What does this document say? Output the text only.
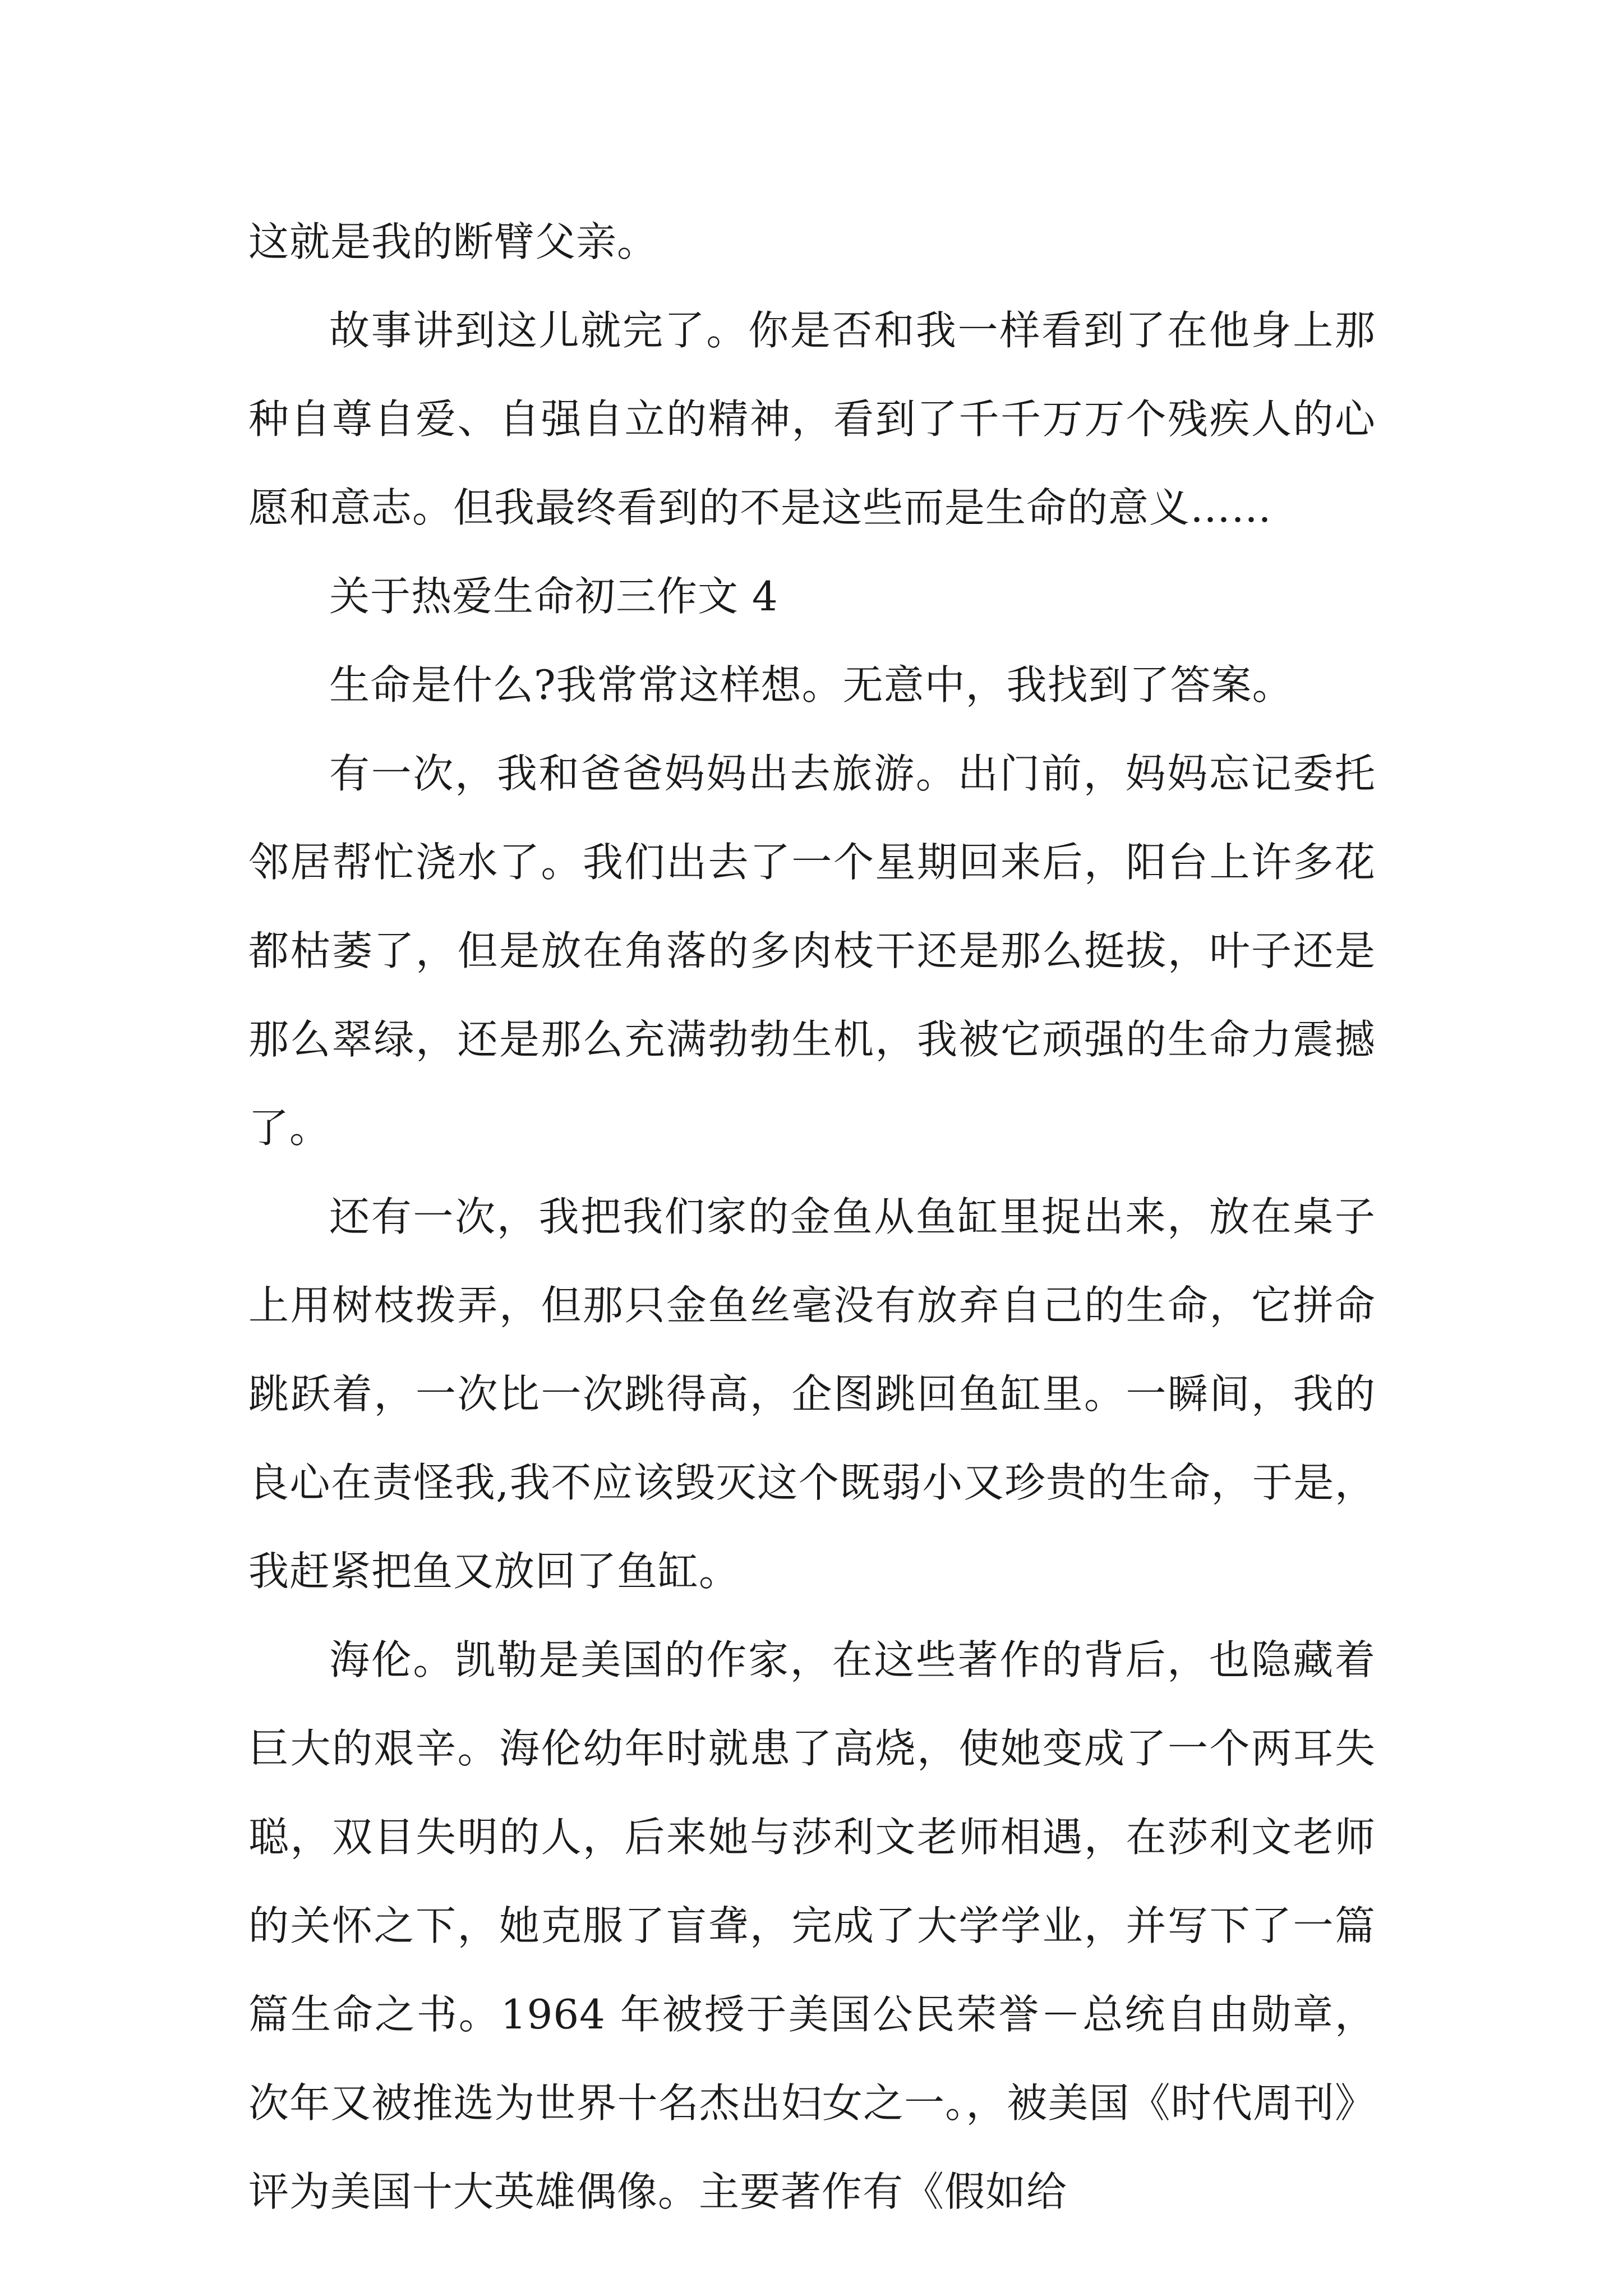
这就是我的断臂父亲。

故事讲到这儿就完了。你是否和我一样看到了在他身上那种自尊自爱、自强自立的精神，看到了千千万万个残疾人的心愿和意志。但我最终看到的不是这些而是生命的意义……

关于热爱生命初三作文 4

生命是什么?我常常这样想。无意中，我找到了答案。

有一次，我和爸爸妈妈出去旅游。出门前，妈妈忘记委托邻居帮忙浇水了。我们出去了一个星期回来后，阳台上许多花都枯萎了，但是放在角落的多肉枝干还是那么挺拔，叶子还是那么翠绿，还是那么充满勃勃生机，我被它顽强的生命力震撼了。

还有一次，我把我们家的金鱼从鱼缸里捉出来，放在桌子上用树枝拨弄，但那只金鱼丝毫没有放弃自己的生命，它拼命跳跃着，一次比一次跳得高，企图跳回鱼缸里。一瞬间，我的良心在责怪我,我不应该毁灭这个既弱小又珍贵的生命，于是，我赶紧把鱼又放回了鱼缸。

海伦。凯勒是美国的作家，在这些著作的背后，也隐藏着巨大的艰辛。海伦幼年时就患了高烧，使她变成了一个两耳失聪，双目失明的人，后来她与莎利文老师相遇，在莎利文老师的关怀之下，她克服了盲聋，完成了大学学业，并写下了一篇篇生命之书。1964 年被授于美国公民荣誉－总统自由勋章，次年又被推选为世界十名杰出妇女之一。，被美国《时代周刊》评为美国十大英雄偶像。主要著作有《假如给
